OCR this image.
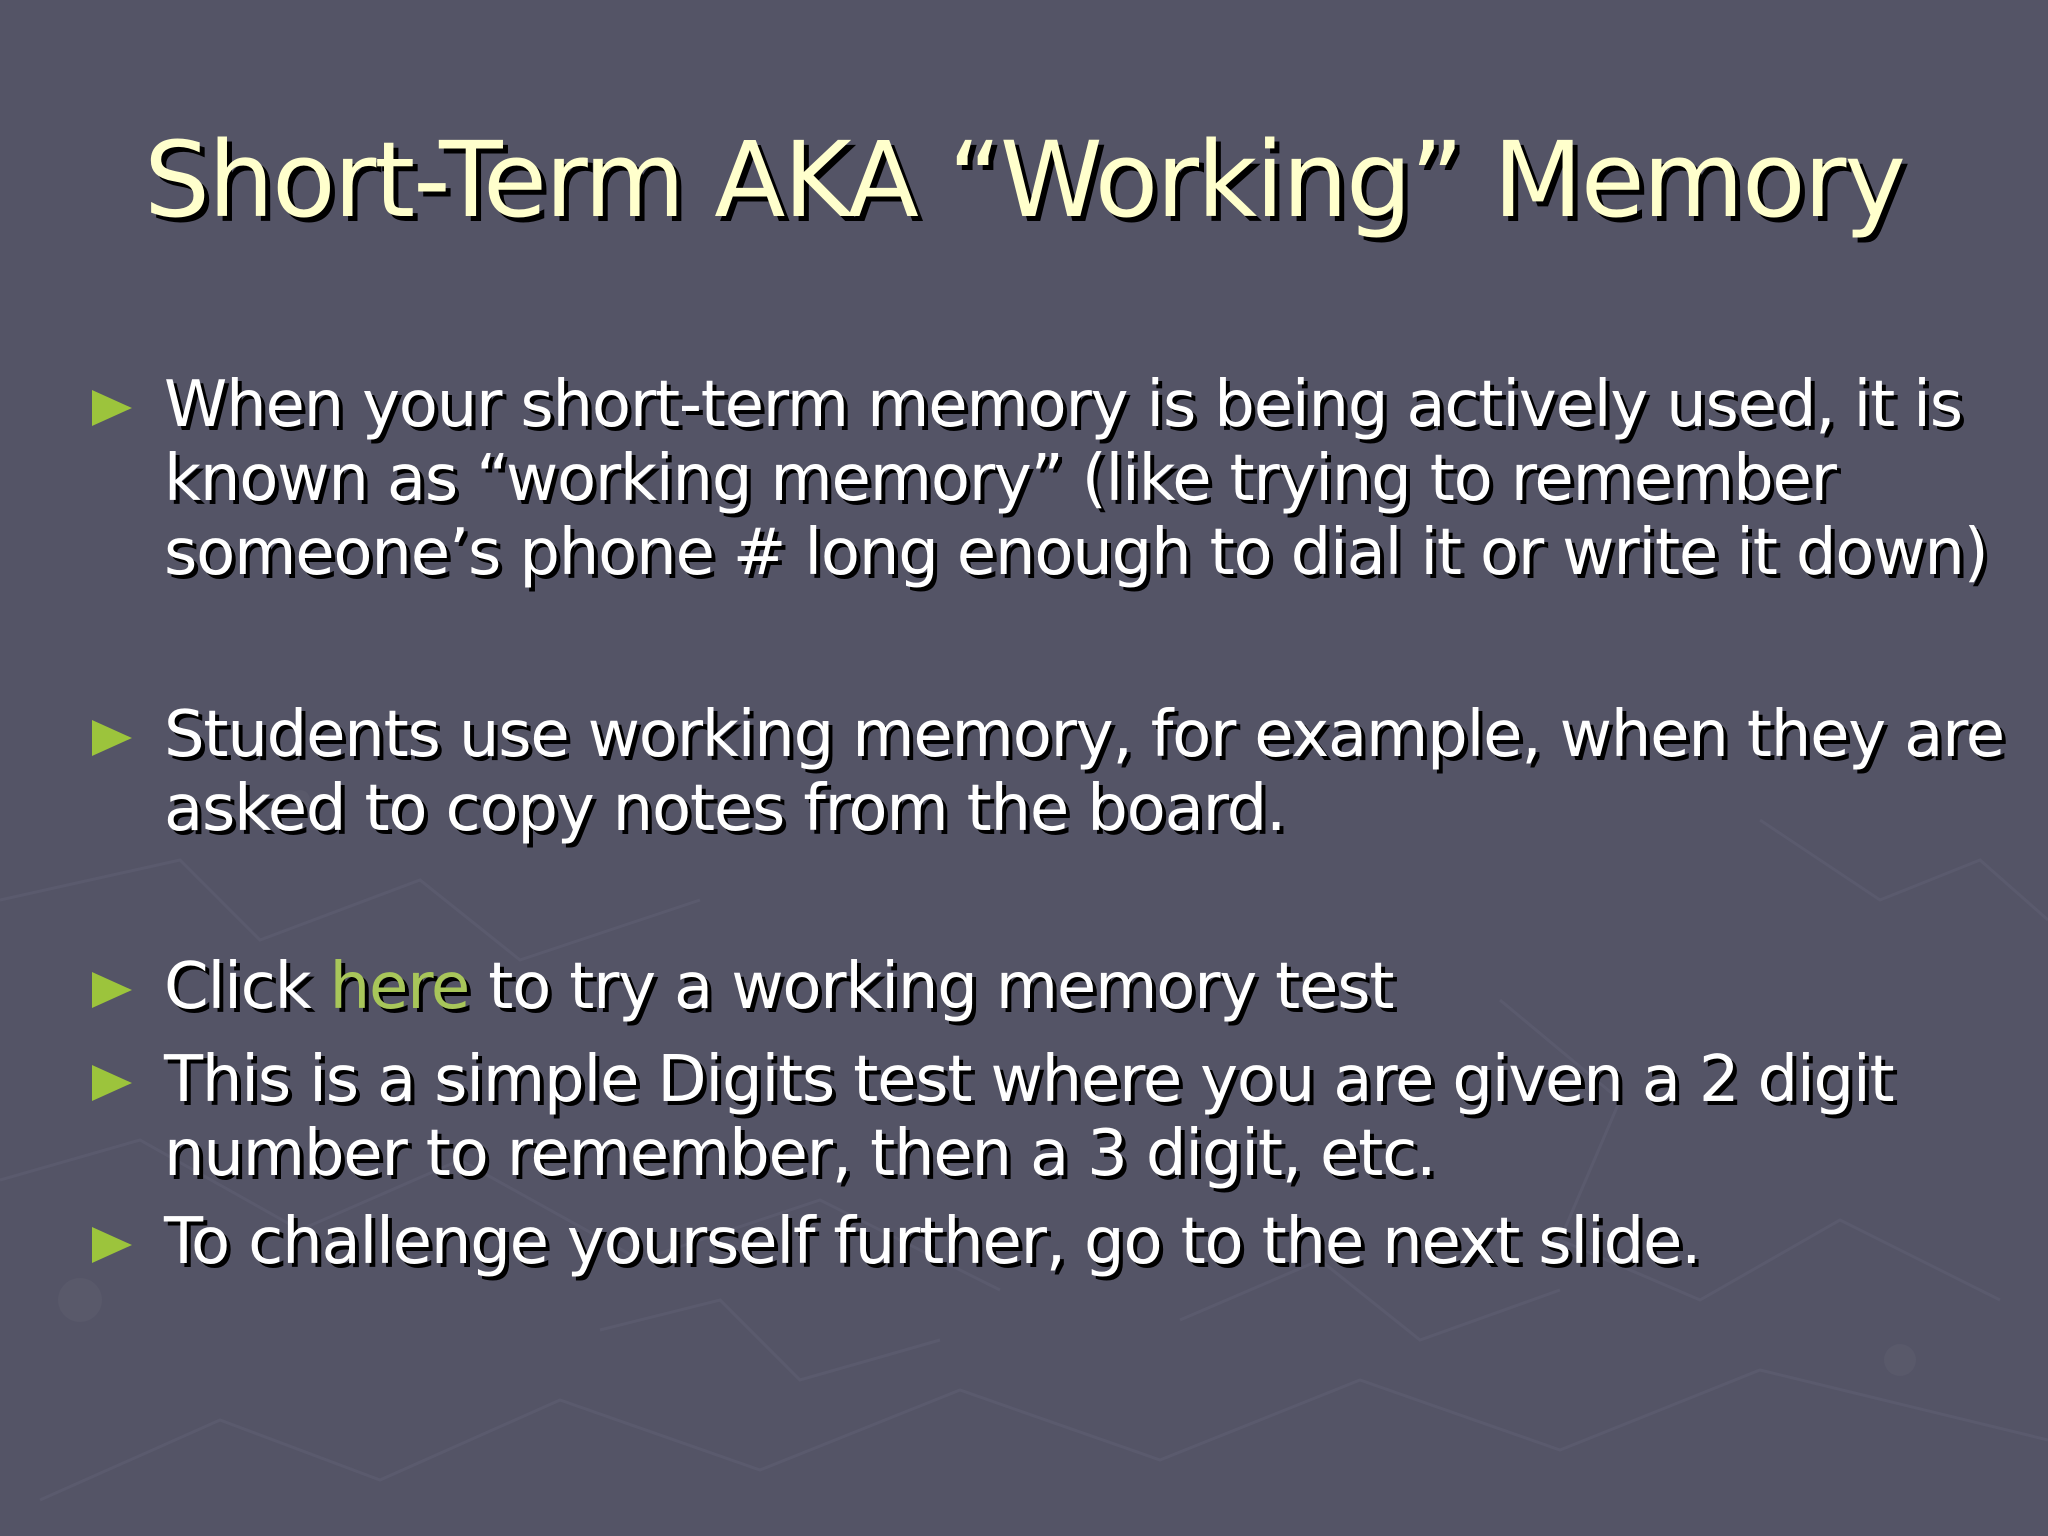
Short-Term AKA “Working” Memory
When your short-term memory is being actively used, it is
known as “working memory” (like trying to remember
someone’s phone # long enough to dial it or write it down)
Students use working memory, for example, when they are
asked to copy notes from the board.
Click here to try a working memory test
This is a simple Digits test where you are given a 2 digit
number to remember, then a 3 digit, etc.
To challenge yourself further, go to the next slide.
